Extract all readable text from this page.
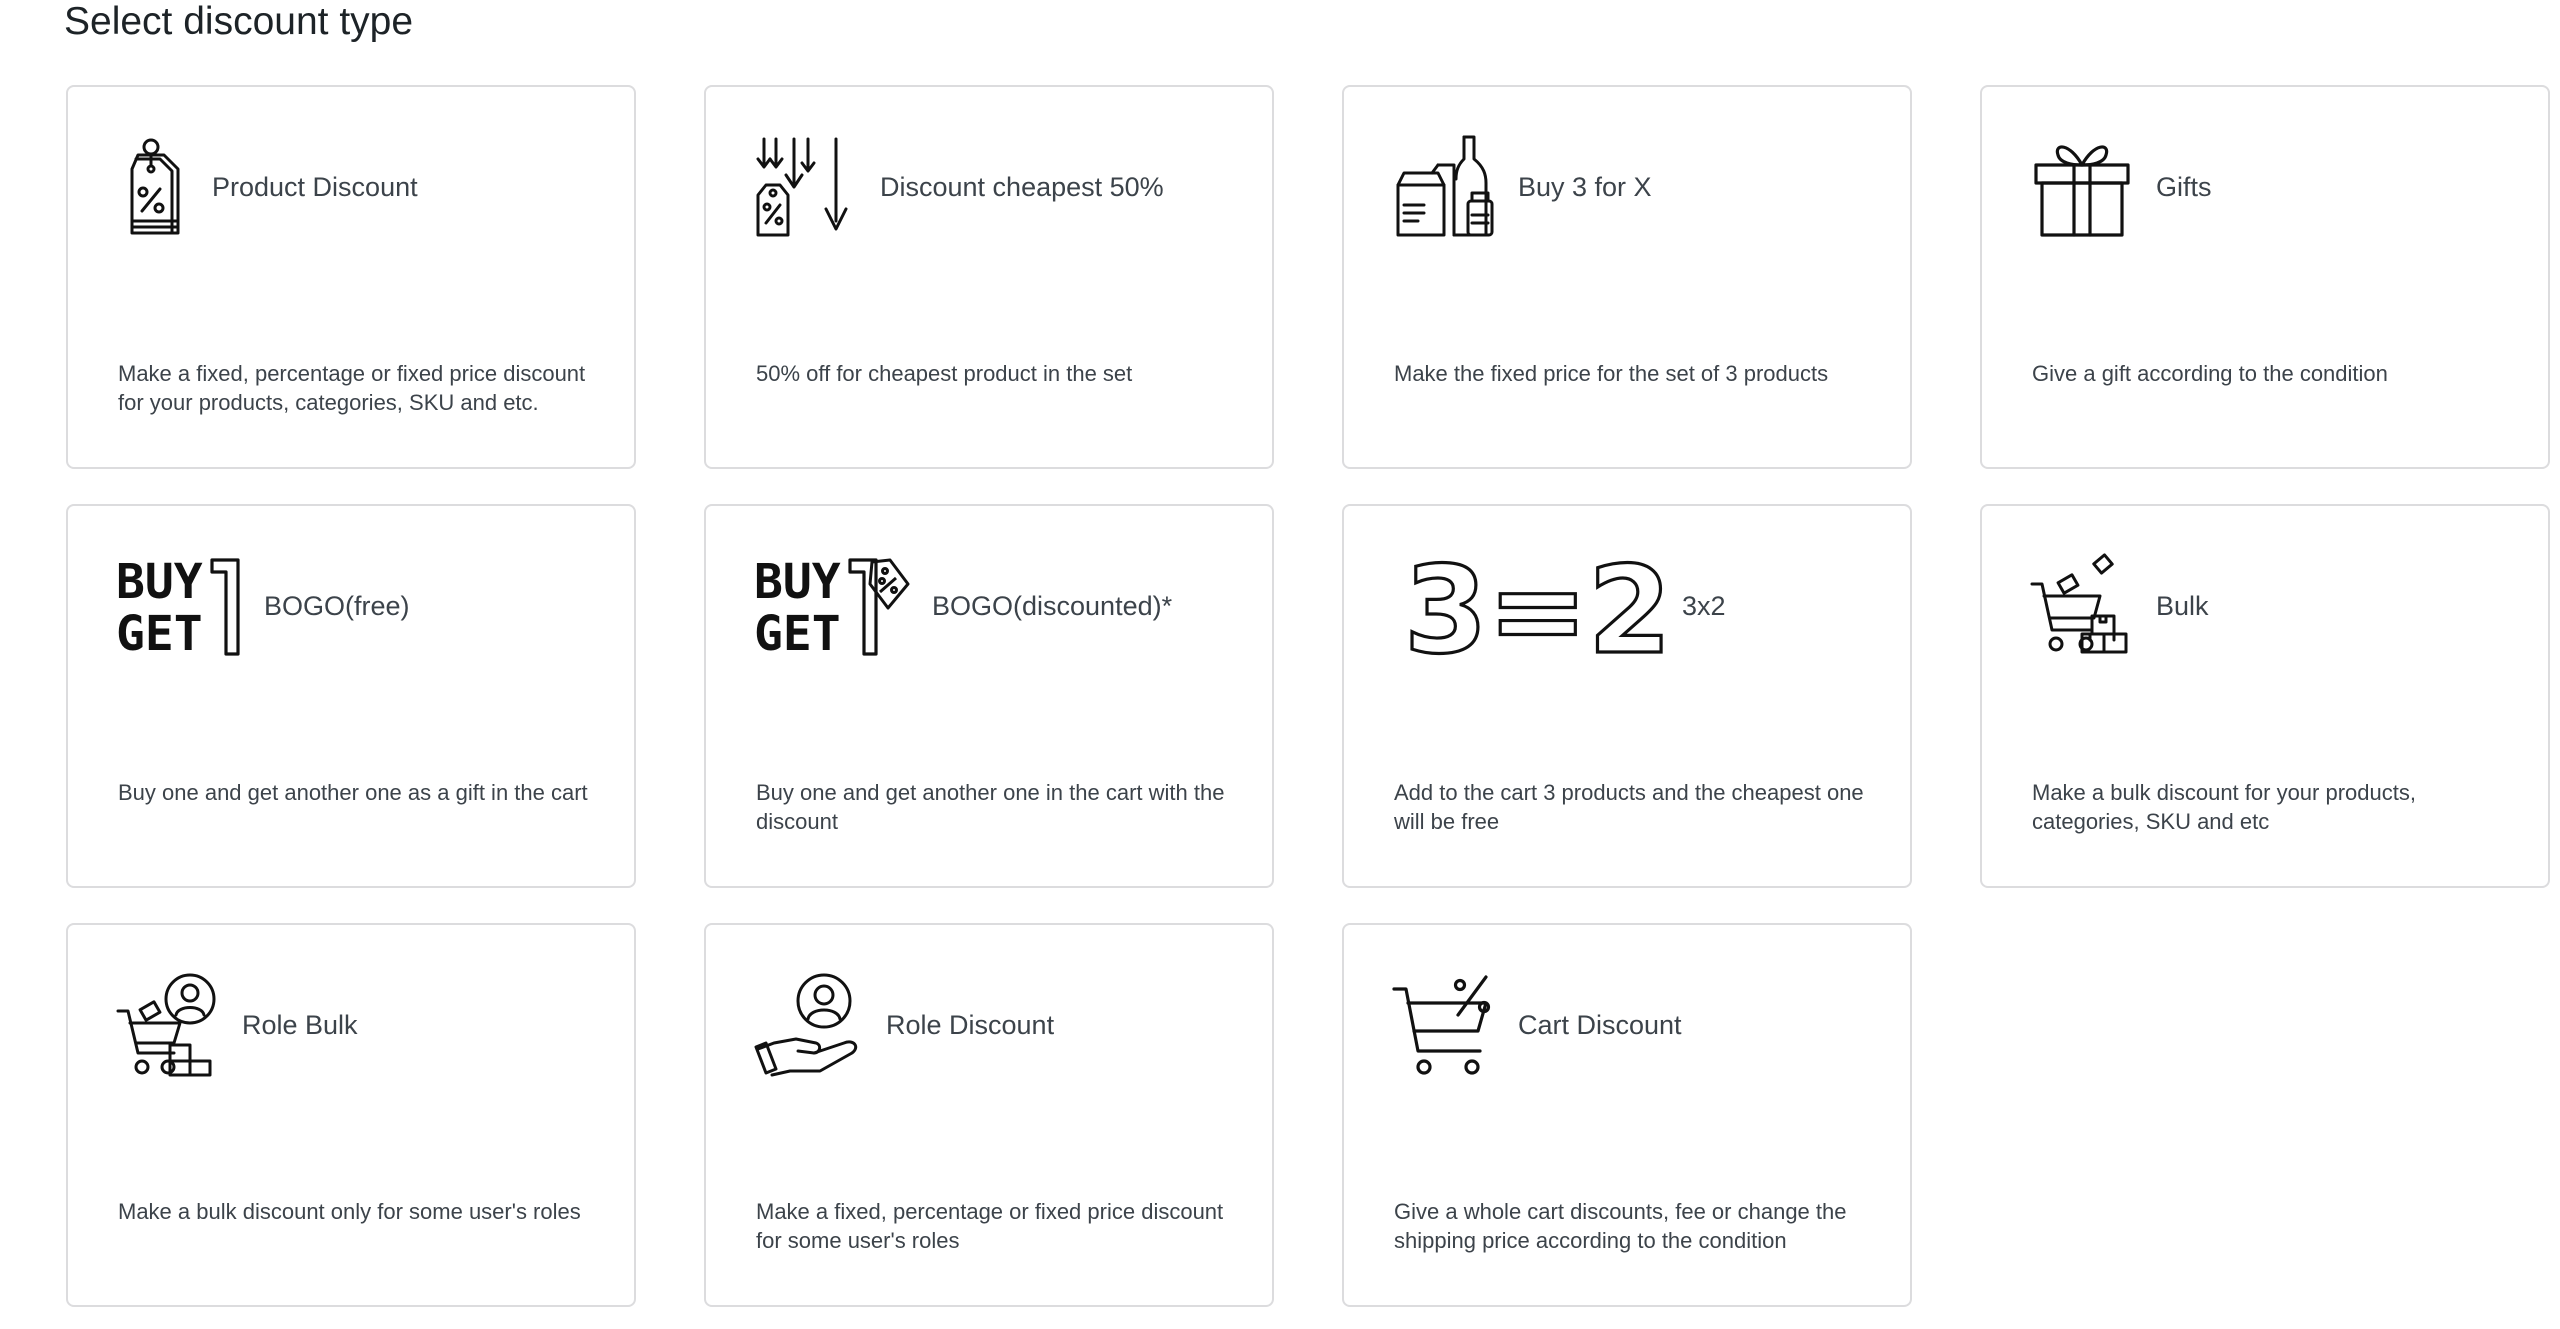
Select discount type
Product Discount
Make a fixed, percentage or fixed price discount for your products, categories, SKU and etc.
Discount cheapest 50%
50% off for cheapest product in the set
Buy 3 for X
Make the fixed price for the set of 3 products
Gifts
Give a gift according to the condition
BUY
GET
BOGO(free)
Buy one and get another one as a gift in the cart
BUY
GET
BOGO(discounted)*
Buy one and get another one in the cart with the discount
3=2 3x2
Add to the cart 3 products and the cheapest one will be free
Bulk
Make a bulk discount for your products, categories, SKU and etc
Role Bulk
Make a bulk discount only for some user's roles
Role Discount
Make a fixed, percentage or fixed price discount for some user's roles
Cart Discount
Give a whole cart discounts, fee or change the shipping price according to the condition
